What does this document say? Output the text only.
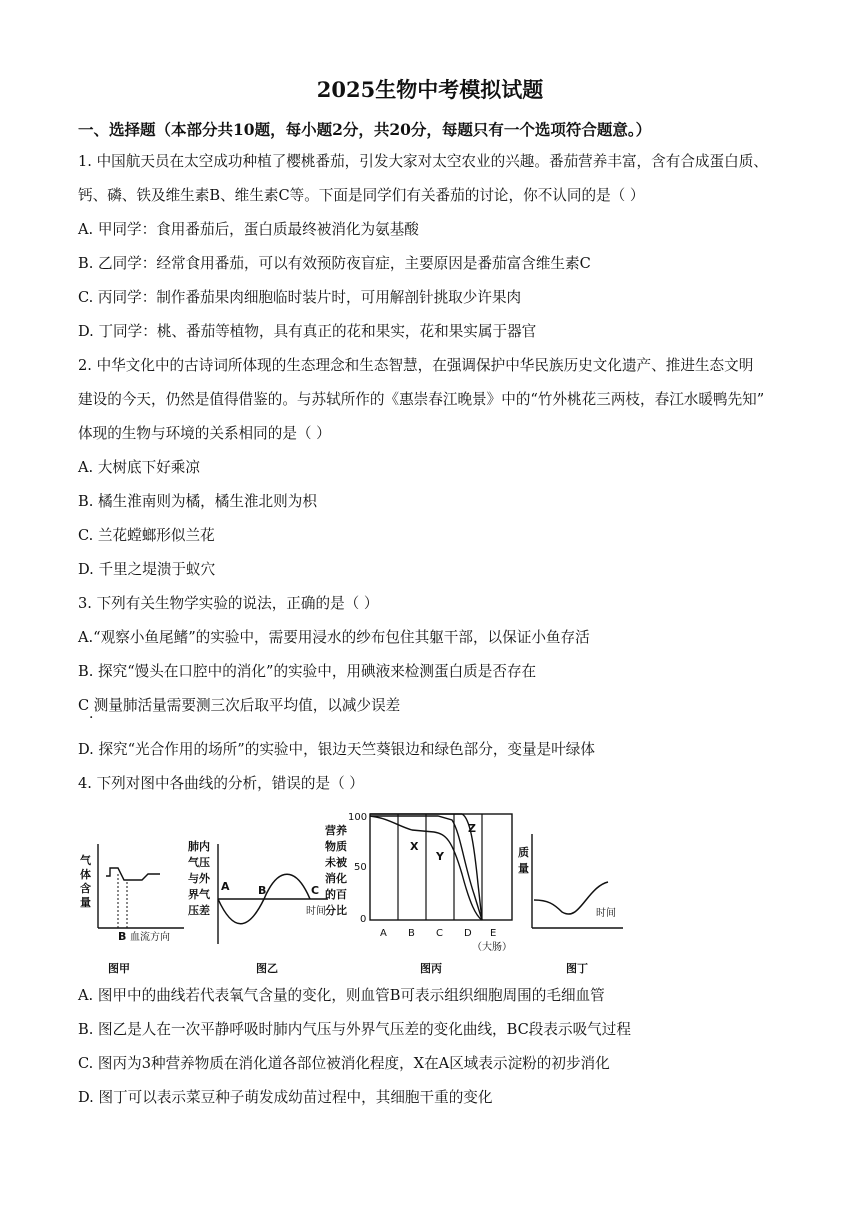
2025生物中考模拟试题
一、选择题（本部分共10题，每小题2分，共20分，每题只有一个选项符合题意。）
1. 中国航天员在太空成功种植了樱桃番茄，引发大家对太空农业的兴趣。番茄营养丰富，含有合成蛋白质、
钙、磷、铁及维生素B、维生素C等。下面是同学们有关番茄的讨论，你不认同的是（ ）
A. 甲同学：食用番茄后，蛋白质最终被消化为氨基酸
B. 乙同学：经常食用番茄，可以有效预防夜盲症，主要原因是番茄富含维生素C
C. 丙同学：制作番茄果肉细胞临时装片时，可用解剖针挑取少许果肉
D. 丁同学：桃、番茄等植物，具有真正的花和果实，花和果实属于器官
2. 中华文化中的古诗词所体现的生态理念和生态智慧，在强调保护中华民族历史文化遗产、推进生态文明
建设的今天，仍然是值得借鉴的。与苏轼所作的《惠崇春江晚景》中的“竹外桃花三两枝，春江水暖鸭先知”
体现的生物与环境的关系相同的是（ ）
A. 大树底下好乘凉
B. 橘生淮南则为橘，橘生淮北则为枳
C. 兰花螳螂形似兰花
D. 千里之堤溃于蚁穴
3. 下列有关生物学实验的说法，正确的是（ ）
A.“观察小鱼尾鳍”的实验中，需要用浸水的纱布包住其躯干部，以保证小鱼存活
B. 探究“馒头在口腔中的消化”的实验中，用碘液来检测蛋白质是否存在
C 测量肺活量需要测三次后取平均值，以减少误差
·
D. 探究“光合作用的场所”的实验中，银边天竺葵银边和绿色部分，变量是叶绿体
4. 下列对图中各曲线的分析，错误的是（ ）
气
体
含
量
B 血流方向
图甲
肺内
气压
与外
界气
压差
A	B	C
时间
图乙
营养
物质
未被
消化
的百
分比
100
50
0
X
Y
Z
A B C D E
（大肠）
图丙
质
量
时间
图丁
A. 图甲中的曲线若代表氧气含量的变化，则血管B可表示组织细胞周围的毛细血管
B. 图乙是人在一次平静呼吸时肺内气压与外界气压差的变化曲线，BC段表示吸气过程
C. 图丙为3种营养物质在消化道各部位被消化程度，X在A区域表示淀粉的初步消化
D. 图丁可以表示菜豆种子萌发成幼苗过程中，其细胞干重的变化
